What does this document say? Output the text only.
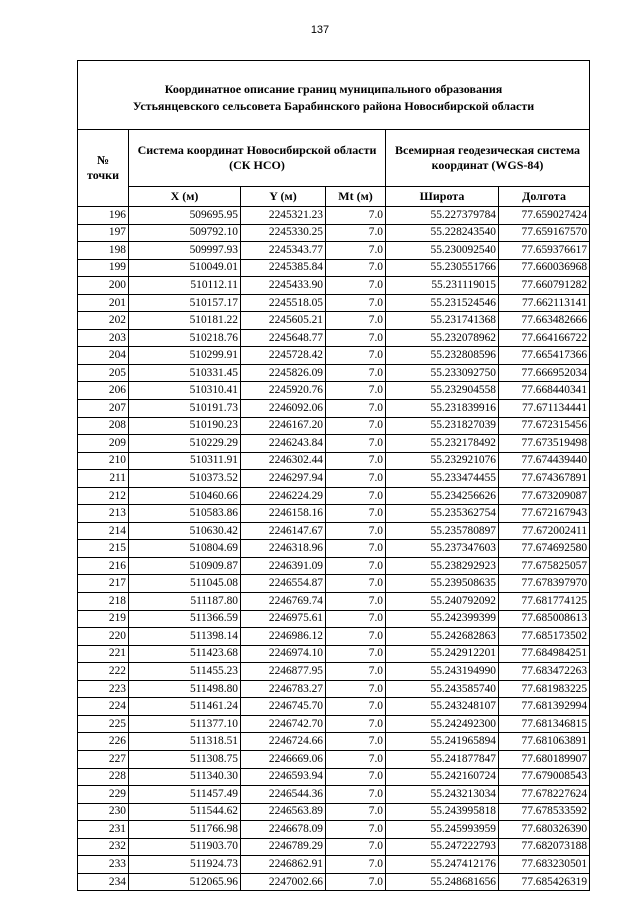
137
Координатное описание границ муниципального образования
Устьянцевского сельсовета Барабинского района Новосибирской области					

№ точки	Система координат Новосибирской области (СК НСО)			Всемирная геодезическая система координат (WGS-84)	
	X (м)	Y (м)	Mt (м)	Широта	Долгота
196	509695.95	2245321.23	7.0	55.227379784	77.659027424
197	509792.10	2245330.25	7.0	55.228243540	77.659167570
198	509997.93	2245343.77	7.0	55.230092540	77.659376617
199	510049.01	2245385.84	7.0	55.230551766	77.660036968
200	510112.11	2245433.90	7.0	55.231119015	77.660791282
201	510157.17	2245518.05	7.0	55.231524546	77.662113141
202	510181.22	2245605.21	7.0	55.231741368	77.663482666
203	510218.76	2245648.77	7.0	55.232078962	77.664166722
204	510299.91	2245728.42	7.0	55.232808596	77.665417366
205	510331.45	2245826.09	7.0	55.233092750	77.666952034
206	510310.41	2245920.76	7.0	55.232904558	77.668440341
207	510191.73	2246092.06	7.0	55.231839916	77.671134441
208	510190.23	2246167.20	7.0	55.231827039	77.672315456
209	510229.29	2246243.84	7.0	55.232178492	77.673519498
210	510311.91	2246302.44	7.0	55.232921076	77.674439440
211	510373.52	2246297.94	7.0	55.233474455	77.674367891
212	510460.66	2246224.29	7.0	55.234256626	77.673209087
213	510583.86	2246158.16	7.0	55.235362754	77.672167943
214	510630.42	2246147.67	7.0	55.235780897	77.672002411
215	510804.69	2246318.96	7.0	55.237347603	77.674692580
216	510909.87	2246391.09	7.0	55.238292923	77.675825057
217	511045.08	2246554.87	7.0	55.239508635	77.678397970
218	511187.80	2246769.74	7.0	55.240792092	77.681774125
219	511366.59	2246975.61	7.0	55.242399399	77.685008613
220	511398.14	2246986.12	7.0	55.242682863	77.685173502
221	511423.68	2246974.10	7.0	55.242912201	77.684984251
222	511455.23	2246877.95	7.0	55.243194990	77.683472263
223	511498.80	2246783.27	7.0	55.243585740	77.681983225
224	511461.24	2246745.70	7.0	55.243248107	77.681392994
225	511377.10	2246742.70	7.0	55.242492300	77.681346815
226	511318.51	2246724.66	7.0	55.241965894	77.681063891
227	511308.75	2246669.06	7.0	55.241877847	77.680189907
228	511340.30	2246593.94	7.0	55.242160724	77.679008543
229	511457.49	2246544.36	7.0	55.243213034	77.678227624
230	511544.62	2246563.89	7.0	55.243995818	77.678533592
231	511766.98	2246678.09	7.0	55.245993959	77.680326390
232	511903.70	2246789.29	7.0	55.247222793	77.682073188
233	511924.73	2246862.91	7.0	55.247412176	77.683230501
234	512065.96	2247002.66	7.0	55.248681656	77.685426319
